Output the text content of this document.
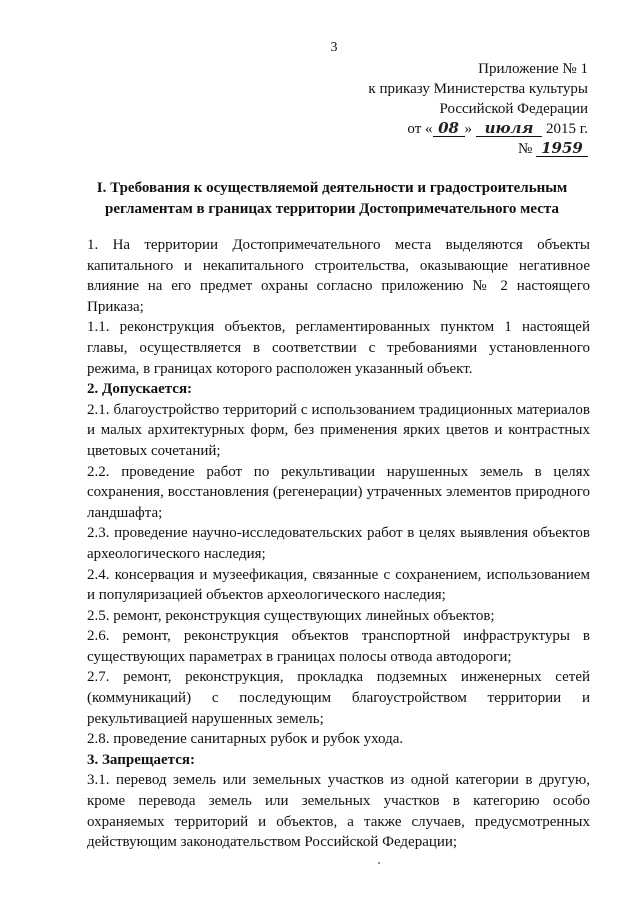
3
Приложение № 1
к приказу Министерства культуры
Российской Федерации
от « 08 » июля 2015 г.
№ 1959
I. Требования к осуществляемой деятельности и градостроительным регламентам в границах территории Достопримечательного места

1. На территории Достопримечательного места выделяются объекты капитального и некапитального строительства, оказывающие негативное влияние на его предмет охраны согласно приложению № 2 настоящего Приказа;

1.1. реконструкция объектов, регламентированных пунктом 1 настоящей главы, осуществляется в соответствии с требованиями установленного режима, в границах которого расположен указанный объект.

2. Допускается:

2.1. благоустройство территорий с использованием традиционных материалов и малых архитектурных форм, без применения ярких цветов и контрастных цветовых сочетаний;

2.2. проведение работ по рекультивации нарушенных земель в целях сохранения, восстановления (регенерации) утраченных элементов природного ландшафта;

2.3. проведение научно-исследовательских работ в целях выявления объектов археологического наследия;

2.4. консервация и музеефикация, связанные с сохранением, использованием и популяризацией объектов археологического наследия;

2.5. ремонт, реконструкция существующих линейных объектов;

2.6. ремонт, реконструкция объектов транспортной инфраструктуры в существующих параметрах в границах полосы отвода автодороги;

2.7. ремонт, реконструкция, прокладка подземных инженерных сетей (коммуникаций) с последующим благоустройством территории и рекультивацией нарушенных земель;

2.8. проведение санитарных рубок и рубок ухода.

3. Запрещается:

3.1. перевод земель или земельных участков из одной категории в другую, кроме перевода земель или земельных участков в категорию особо охраняемых территорий и объектов, а также случаев, предусмотренных действующим законодательством Российской Федерации;
